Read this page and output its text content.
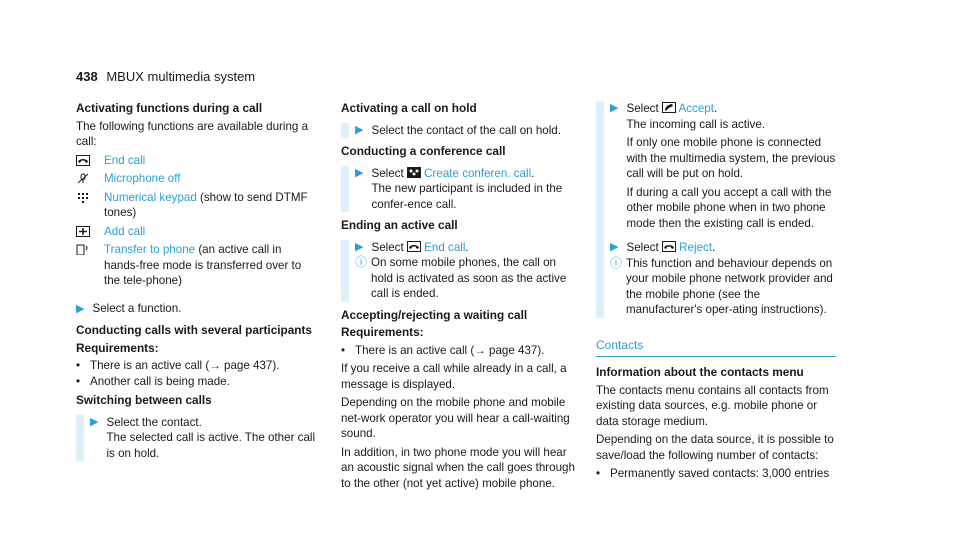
438 MBUX multimedia system
Activating functions during a call

The following functions are available during a call:

End call
Microphone off
Numerical keypad (show to send DTMF tones)
Add call
Transfer to phone (an active call in hands-free mode is transferred over to the tele-phone)
▶ Select a function.
Conducting calls with several participants
Requirements:
• There is an active call (→ page 437).
• Another call is being made.
Switching between calls
▶ Select the contact.
The selected call is active. The other call is on hold.
Activating a call on hold
▶ Select the contact of the call on hold.
Conducting a conference call
▶ Select Create conferen. call.
The new participant is included in the confer-ence call.
Ending an active call
▶ Select End call.
ⓘ On some mobile phones, the call on hold is activated as soon as the active call is ended.
Accepting/rejecting a waiting call
Requirements:
• There is an active call (→ page 437).

If you receive a call while already in a call, a message is displayed.

Depending on the mobile phone and mobile net-work operator you will hear a call-waiting sound.

In addition, in two phone mode you will hear an acoustic signal when the call goes through to the other (not yet active) mobile phone.

▶ Select Accept.

The incoming call is active.

If only one mobile phone is connected with the multimedia system, the previous call will be put on hold.

If during a call you accept a call with the other mobile phone when in two phone mode then the existing call is ended.

▶ Select Reject.
ⓘ This function and behaviour depends on your mobile phone network provider and the mobile phone (see the manufacturer's oper-ating instructions).
Contacts
Information about the contacts menu

The contacts menu contains all contacts from existing data sources, e.g. mobile phone or data storage medium.

Depending on the data source, it is possible to save/load the following number of contacts:

• Permanently saved contacts: 3,000 entries
